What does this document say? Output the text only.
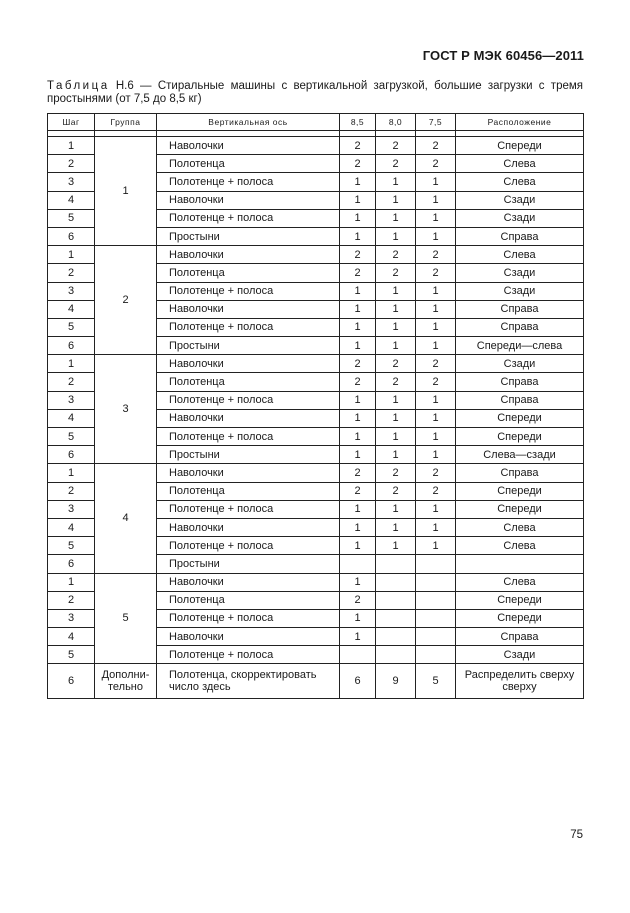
ГОСТ Р МЭК 60456—2011
Таблица Н.6 — Стиральные машины с вертикальной загрузкой, большие загрузки с тремя простынями (от 7,5 до 8,5 кг)
Шаг	Группа	Вертикальная ось	8,5	8,0	7,5	Расположение

1	1	Наволочки	2	2	2	Спереди
2		Полотенца	2	2	2	Слева
3		Полотенце + полоса	1	1	1	Слева
4		Наволочки	1	1	1	Сзади
5		Полотенце + полоса	1	1	1	Сзади
6		Простыни	1	1	1	Справа
1	2	Наволочки	2	2	2	Слева
2		Полотенца	2	2	2	Сзади
3		Полотенце + полоса	1	1	1	Сзади
4		Наволочки	1	1	1	Справа
5		Полотенце + полоса	1	1	1	Справа
6		Простыни	1	1	1	Спереди—слева
1	3	Наволочки	2	2	2	Сзади
2		Полотенца	2	2	2	Справа
3		Полотенце + полоса	1	1	1	Справа
4		Наволочки	1	1	1	Спереди
5		Полотенце + полоса	1	1	1	Спереди
6		Простыни	1	1	1	Слева—сзади
1	4	Наволочки	2	2	2	Справа
2		Полотенца	2	2	2	Спереди
3		Полотенце + полоса	1	1	1	Спереди
4		Наволочки	1	1	1	Слева
5		Полотенце + полоса	1	1	1	Слева
6		Простыни				
1	5	Наволочки	1			Слева
2		Полотенца	2			Спереди
3		Полотенце + полоса	1			Спереди
4		Наволочки	1			Справа
5		Полотенце + полоса				Сзади
6	Дополни-тельно	Полотенца, скорректировать число здесь	6	9	5	Распределить сверху сверху
75
